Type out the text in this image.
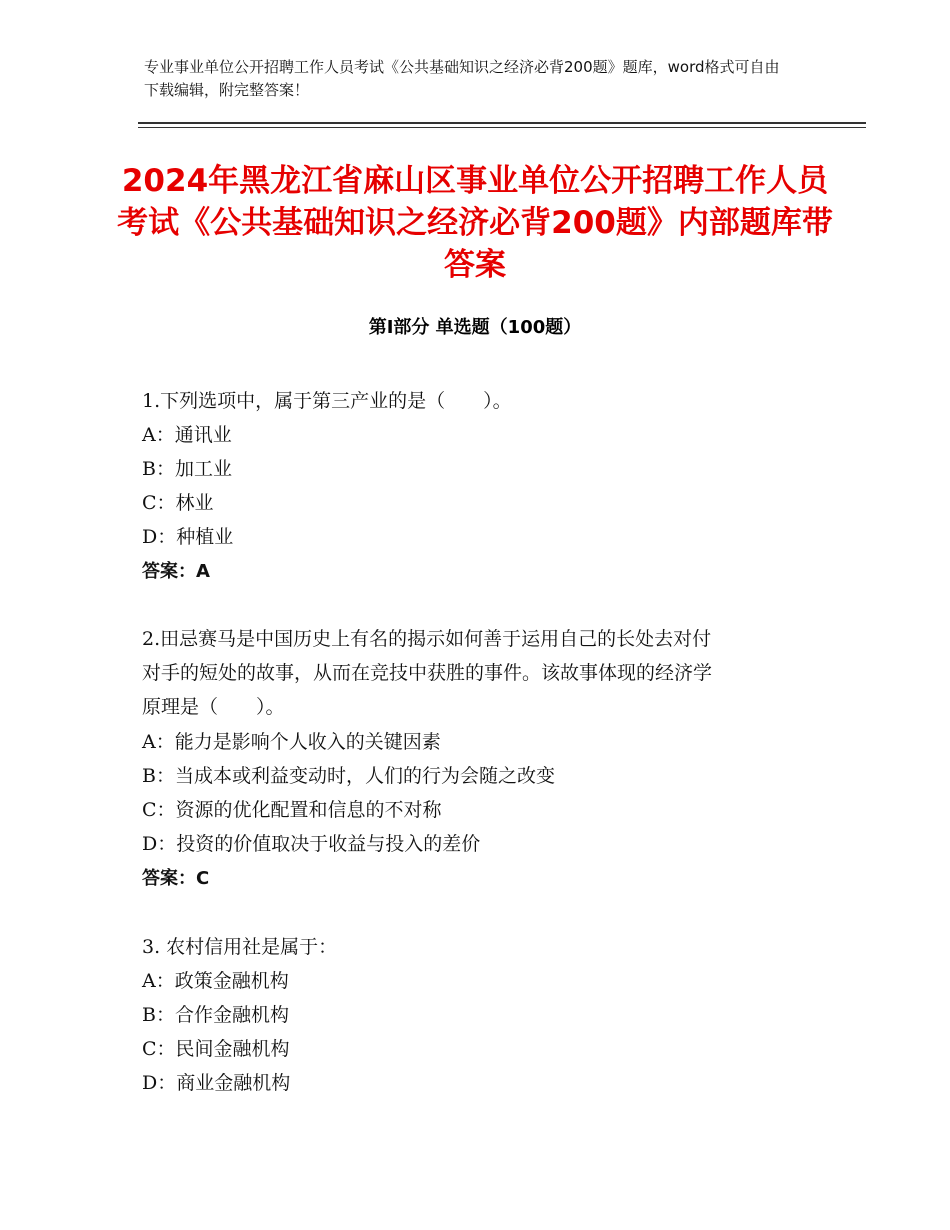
专业事业单位公开招聘工作人员考试《公共基础知识之经济必背200题》题库，word格式可自由下载编辑，附完整答案！
2024年黑龙江省麻山区事业单位公开招聘工作人员考试《公共基础知识之经济必背200题》内部题库带答案
第Ⅰ部分 单选题（100题）
1.下列选项中，属于第三产业的是（　　）。
A：通讯业
B：加工业
C：林业
D：种植业
答案：A
2.田忌赛马是中国历史上有名的揭示如何善于运用自己的长处去对付
对手的短处的故事，从而在竞技中获胜的事件。该故事体现的经济学
原理是（　　）。
A：能力是影响个人收入的关键因素
B：当成本或利益变动时，人们的行为会随之改变
C：资源的优化配置和信息的不对称
D：投资的价值取决于收益与投入的差价
答案：C
3. 农村信用社是属于：
A：政策金融机构
B：合作金融机构
C：民间金融机构
D：商业金融机构
